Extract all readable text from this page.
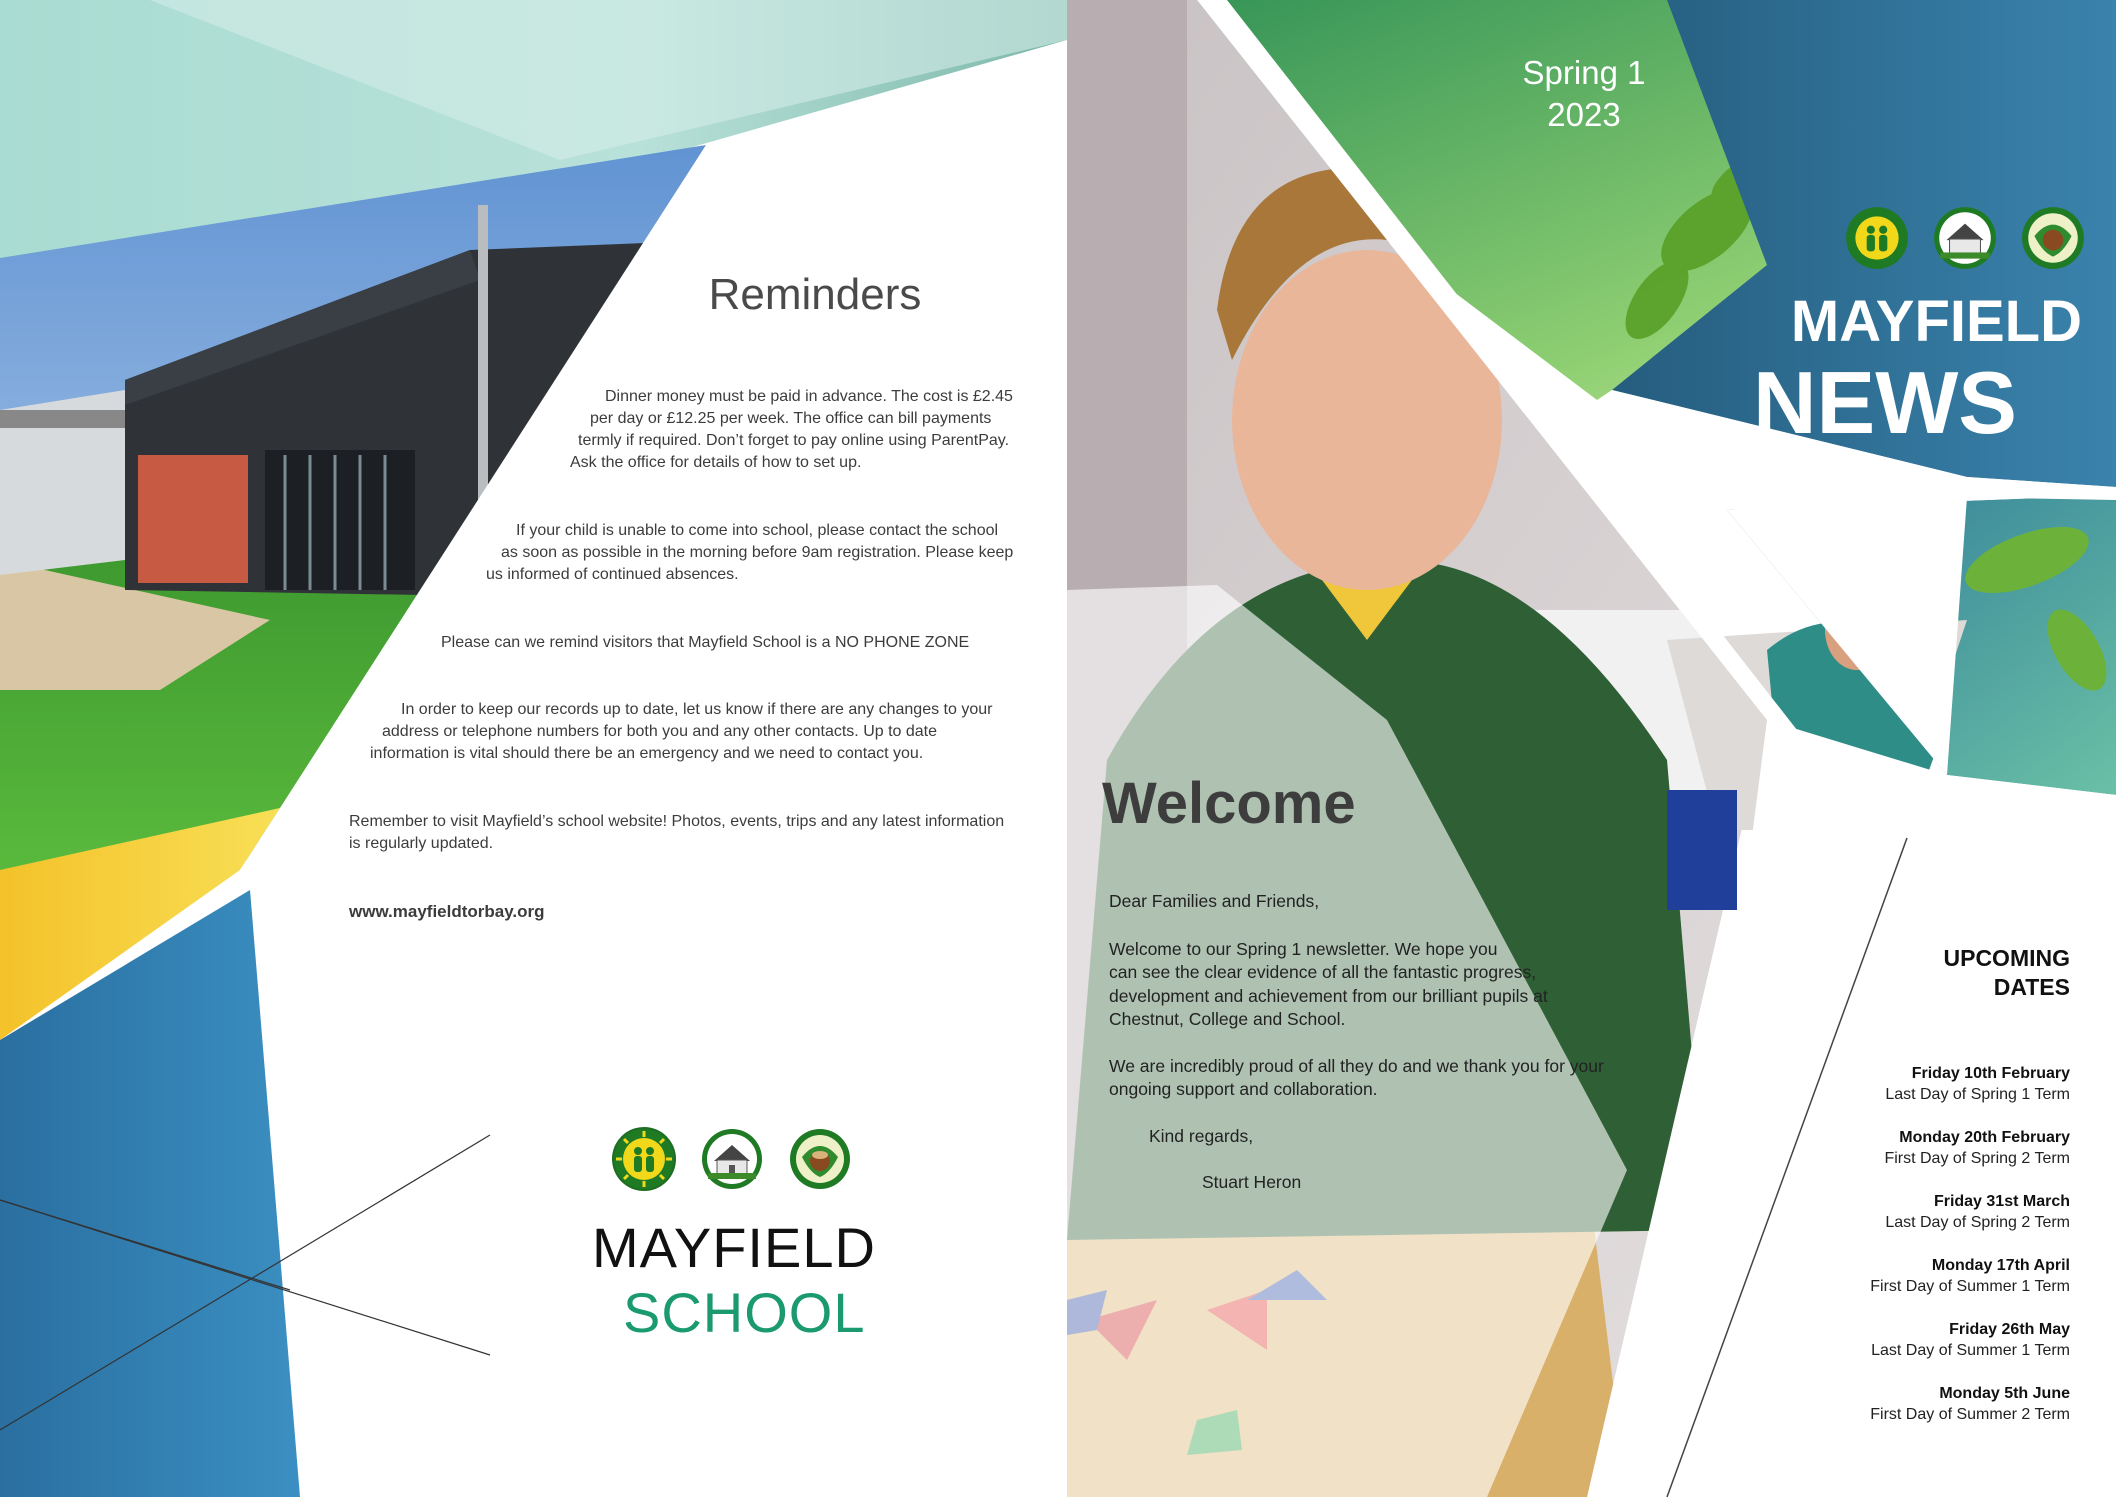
Reminders
Dinner money must be paid in advance. The cost is £2.45
per day or £12.25 per week. The office can bill payments
termly if required. Don’t forget to pay online using ParentPay.
Ask the office for details of how to set up.
If your child is unable to come into school, please contact the school
as soon as possible in the morning before 9am registration. Please keep
us informed of continued absences.
Please can we remind visitors that Mayfield School is a NO PHONE ZONE
In order to keep our records up to date, let us know if there are any changes to your
address or telephone numbers for both you and any other contacts. Up to date
information is vital should there be an emergency and we need to contact you.
Remember to visit Mayfield’s school website! Photos, events, trips and any latest information
is regularly updated.
www.mayfieldtorbay.org
MAYFIELD
SCHOOL
Spring 1
2023
MAYFIELD
NEWS
Welcome
Dear Families and Friends,
Welcome to our Spring 1 newsletter. We hope you
can see the clear evidence of all the fantastic progress,
development and achievement from our brilliant pupils at
Chestnut, College and School.
We are incredibly proud of all they do and we thank you for your
ongoing support and collaboration.
Kind regards,
Stuart Heron
UPCOMING
DATES
Friday 10th February
Last Day of Spring 1 Term
Monday 20th February
First Day of Spring 2 Term
Friday 31st March
Last Day of Spring 2 Term
Monday 17th April
First Day of Summer 1 Term
Friday 26th May
Last Day of Summer 1 Term
Monday 5th June
First Day of Summer 2 Term
